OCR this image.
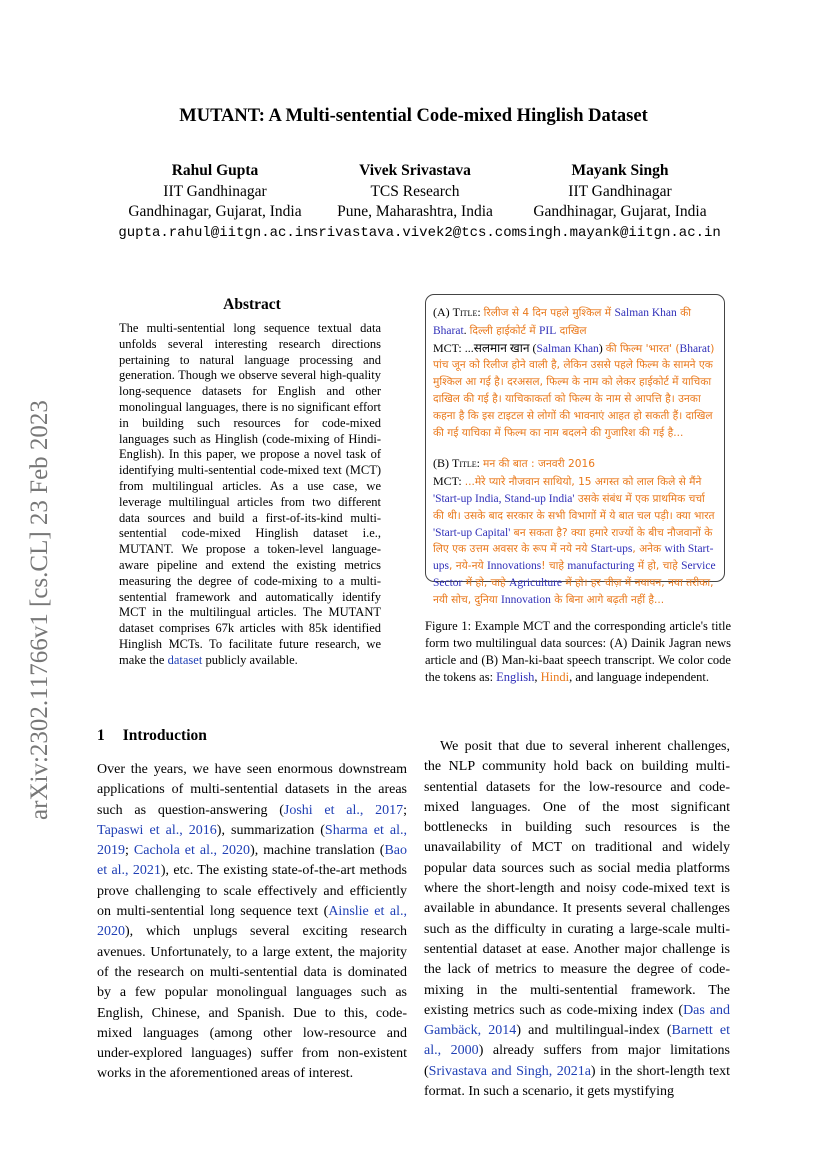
MUTANT: A Multi-sentential Code-mixed Hinglish Dataset
Rahul Gupta
IIT Gandhinagar
Gandhinagar, Gujarat, India
gupta.rahul@iitgn.ac.in
Vivek Srivastava
TCS Research
Pune, Maharashtra, India
srivastava.vivek2@tcs.com
Mayank Singh
IIT Gandhinagar
Gandhinagar, Gujarat, India
singh.mayank@iitgn.ac.in
arXiv:2302.11766v1 [cs.CL] 23 Feb 2023
Abstract
The multi-sentential long sequence textual data unfolds several interesting research directions pertaining to natural language processing and generation. Though we observe several high-quality long-sequence datasets for English and other monolingual languages, there is no significant effort in building such resources for code-mixed languages such as Hinglish (code-mixing of Hindi-English). In this paper, we propose a novel task of identifying multi-sentential code-mixed text (MCT) from multilingual articles. As a use case, we leverage multilingual articles from two different data sources and build a first-of-its-kind multi-sentential code-mixed Hinglish dataset i.e., MUTANT. We propose a token-level language-aware pipeline and extend the existing metrics measuring the degree of code-mixing to a multi-sentential framework and automatically identify MCT in the multilingual articles. The MUTANT dataset comprises 67k articles with 85k identified Hinglish MCTs. To facilitate future research, we make the dataset publicly available.
1 Introduction
Over the years, we have seen enormous downstream applications of multi-sentential datasets in the areas such as question-answering (Joshi et al., 2017; Tapaswi et al., 2016), summarization (Sharma et al., 2019; Cachola et al., 2020), machine translation (Bao et al., 2021), etc. The existing state-of-the-art methods prove challenging to scale effectively and efficiently on multi-sentential long sequence text (Ainslie et al., 2020), which unplugs several exciting research avenues. Unfortunately, to a large extent, the majority of the research on multi-sentential data is dominated by a few popular monolingual languages such as English, Chinese, and Spanish. Due to this, code-mixed languages (among other low-resource and under-explored languages) suffer from non-existent works in the aforementioned areas of interest.
We posit that due to several inherent challenges, the NLP community hold back on building multi-sentential datasets for the low-resource and code-mixed languages. One of the most significant bottlenecks in building such resources is the unavailability of MCT on traditional and widely popular data sources such as social media platforms where the short-length and noisy code-mixed text is available in abundance. It presents several challenges such as the difficulty in curating a large-scale multi-sentential dataset at ease. Another major challenge is the lack of metrics to measure the degree of code-mixing in the multi-sentential framework. The existing metrics such as code-mixing index (Das and Gambäck, 2014) and multilingual-index (Barnett et al., 2000) already suffers from major limitations (Srivastava and Singh, 2021a) in the short-length text format. In such a scenario, it gets mystifying
(A) Title: रिलीज से 4 दिन पहले मुश्किल में Salman Khan की Bharat. दिल्ली हाईकोर्ट में PIL दाखिल
MCT: ...सलमान खान (Salman Khan) की फिल्म 'भारत' (Bharat) पांच जून को रिलीज होने वाली है, लेकिन उससे पहले फिल्म के सामने एक मुश्किल आ गई है। दरअसल, फिल्म के नाम को लेकर हाईकोर्ट में याचिका दाखिल की गई है। याचिकाकर्ता को फिल्म के नाम से आपत्ति है। उनका कहना है कि इस टाइटल से लोगों की भावनाएं आहत हो सकती हैं। दाखिल की गई याचिका में फिल्म का नाम बदलने की गुजारिश की गई है...
(B) Title: मन की बात : जनवरी 2016
MCT: ...मेरे प्यारे नौजवान साथियो, 15 अगस्त को लाल किले से मैंने 'Start-up India, Stand-up India' उसके संबंध में एक प्राथमिक चर्चा की थी। उसके बाद सरकार के सभी विभागों में ये बात चल पड़ी। क्या भारत 'Start-up Capital' बन सकता है? क्या हमारे राज्यों के बीच नौजवानों के लिए एक उत्तम अवसर के रूप में नये नये Start-ups, अनेक with Start-ups, नये-नये Innovations! चाहे manufacturing में हो, चाहे Service Sector में हो, चाहे Agriculture में हो। हर चीज़ में नयापन, नया तरीका, नयी सोच, दुनिया Innovation के बिना आगे बढ़ती नहीं है...
Figure 1: Example MCT and the corresponding article's title form two multilingual data sources: (A) Dainik Jagran news article and (B) Man-ki-baat speech transcript. We color code the tokens as: English, Hindi, and language independent.
